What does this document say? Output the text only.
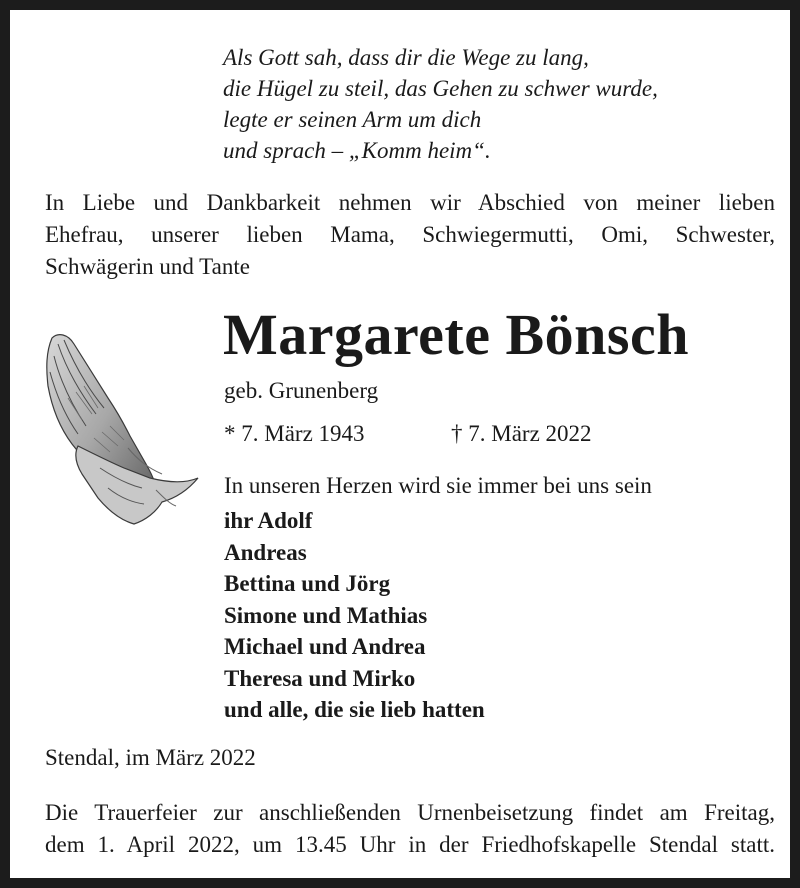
Als Gott sah, dass dir die Wege zu lang,
die Hügel zu steil, das Gehen zu schwer wurde,
legte er seinen Arm um dich
und sprach – „Komm heim“.
In Liebe und Dankbarkeit nehmen wir Abschied von meiner lieben
Ehefrau, unserer lieben Mama, Schwiegermutti, Omi, Schwester,
Schwägerin und Tante
Margarete Bönsch
geb. Grunenberg
* 7. März 1943	† 7. März 2022
In unseren Herzen wird sie immer bei uns sein
ihr Adolf
Andreas
Bettina und Jörg
Simone und Mathias
Michael und Andrea
Theresa und Mirko
und alle, die sie lieb hatten
Stendal, im März 2022
Die Trauerfeier zur anschließenden Urnenbeisetzung findet am Freitag,
dem 1. April 2022, um 13.45 Uhr in der Friedhofskapelle Stendal statt.
